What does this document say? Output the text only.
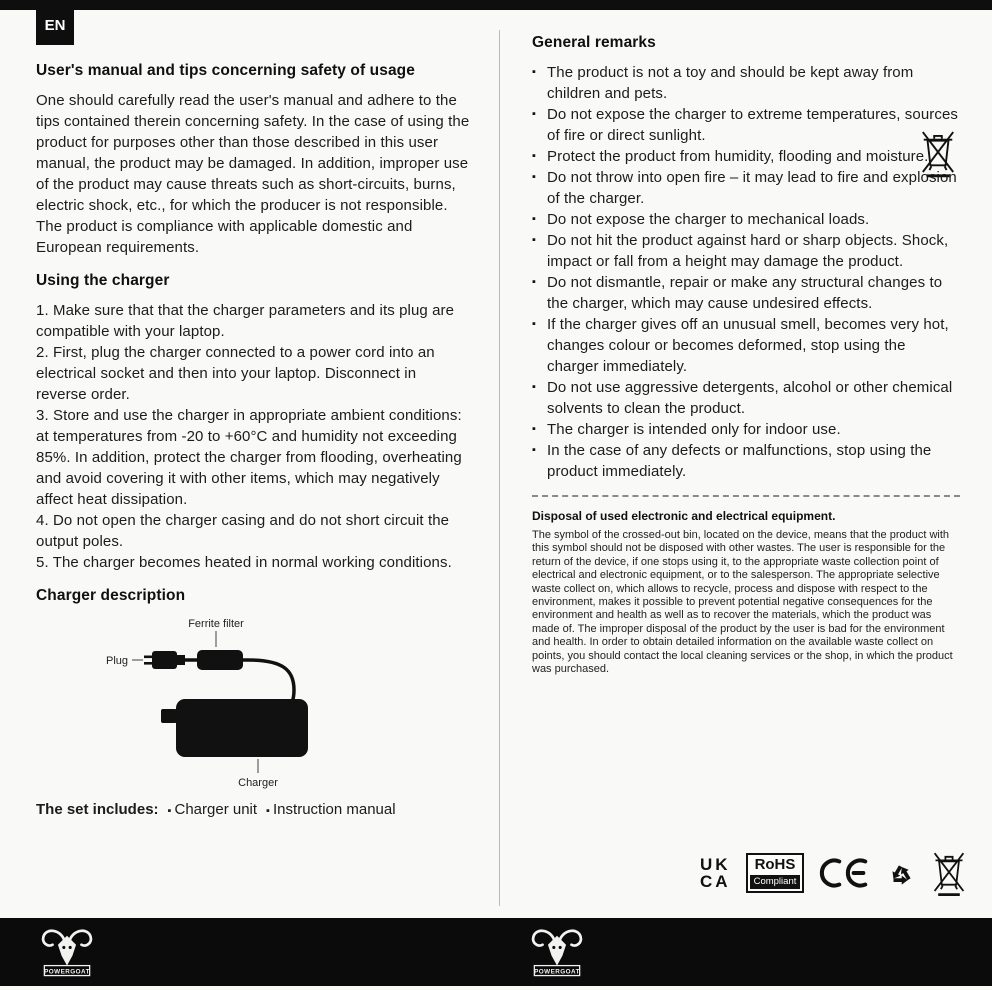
EN
User's manual and tips concerning safety of usage

One should carefully read the user's manual and adhere to the tips contained therein concerning safety. In the case of using the product for purposes other than those described in this user manual, the product may be damaged. In addition, improper use of the product may cause threats such as short-circuits, burns, electric shock, etc., for which the producer is not responsible. The product is compliance with applicable domestic and European requirements.

Using the charger

1. Make sure that that the charger parameters and its plug are compatible with your laptop.

2. First, plug the charger connected to a power cord into an electrical socket and then into your laptop. Disconnect in reverse order.

3. Store and use the charger in appropriate ambient conditions: at temperatures from -20 to +60°C and humidity not exceeding 85%. In addition, protect the charger from flooding, overheating and avoid covering it with other items, which may negatively affect heat dissipation.

4. Do not open the charger casing and do not short circuit the output poles.

5. The charger becomes heated in normal working conditions.

Charger description
Ferrite filter
Plug
Charger
The set includes:	▪ Charger unit	▪ Instruction manual
General remarks
▪ The product is not a toy and should be kept away from children and pets.
▪ Do not expose the charger to extreme temperatures, sources of fire or direct sunlight.
▪ Protect the product from humidity, flooding and moisture.
▪ Do not throw into open fire – it may lead to fire and explosion of the charger.
▪ Do not expose the charger to mechanical loads.
▪ Do not hit the product against hard or sharp objects. Shock, impact or fall from a height may damage the product.
▪ Do not dismantle, repair or make any structural changes to the charger, which may cause undesired effects.
▪ If the charger gives off an unusual smell, becomes very hot, changes colour or becomes deformed, stop using the charger immediately.
▪ Do not use aggressive detergents, alcohol or other chemical solvents to clean the product.
▪ The charger is intended only for indoor use.
▪ In the case of any defects or malfunctions, stop using the product immediately.
Disposal of used electronic and electrical equipment.

The symbol of the crossed-out bin, located on the device, means that the product with this symbol should not be disposed with other wastes. The user is responsible for the return of the device, if one stops using it, to the appropriate waste collection point of electrical and electronic equipment, or to the salesperson. The appropriate selective waste collect on, which allows to recycle, process and dispose with respect to the environment, makes it possible to prevent potential negative consequences for the environment and health as well as to recover the materials, which the product was made of. The improper disposal of the product by the user is bad for the environment and health. In order to obtain detailed information on the available waste collect on points, you should contact the local cleaning services or the shop, in which the product was purchased.

UK
CA
RoHS
Compliant
POWERGOAT	POWERGOAT
